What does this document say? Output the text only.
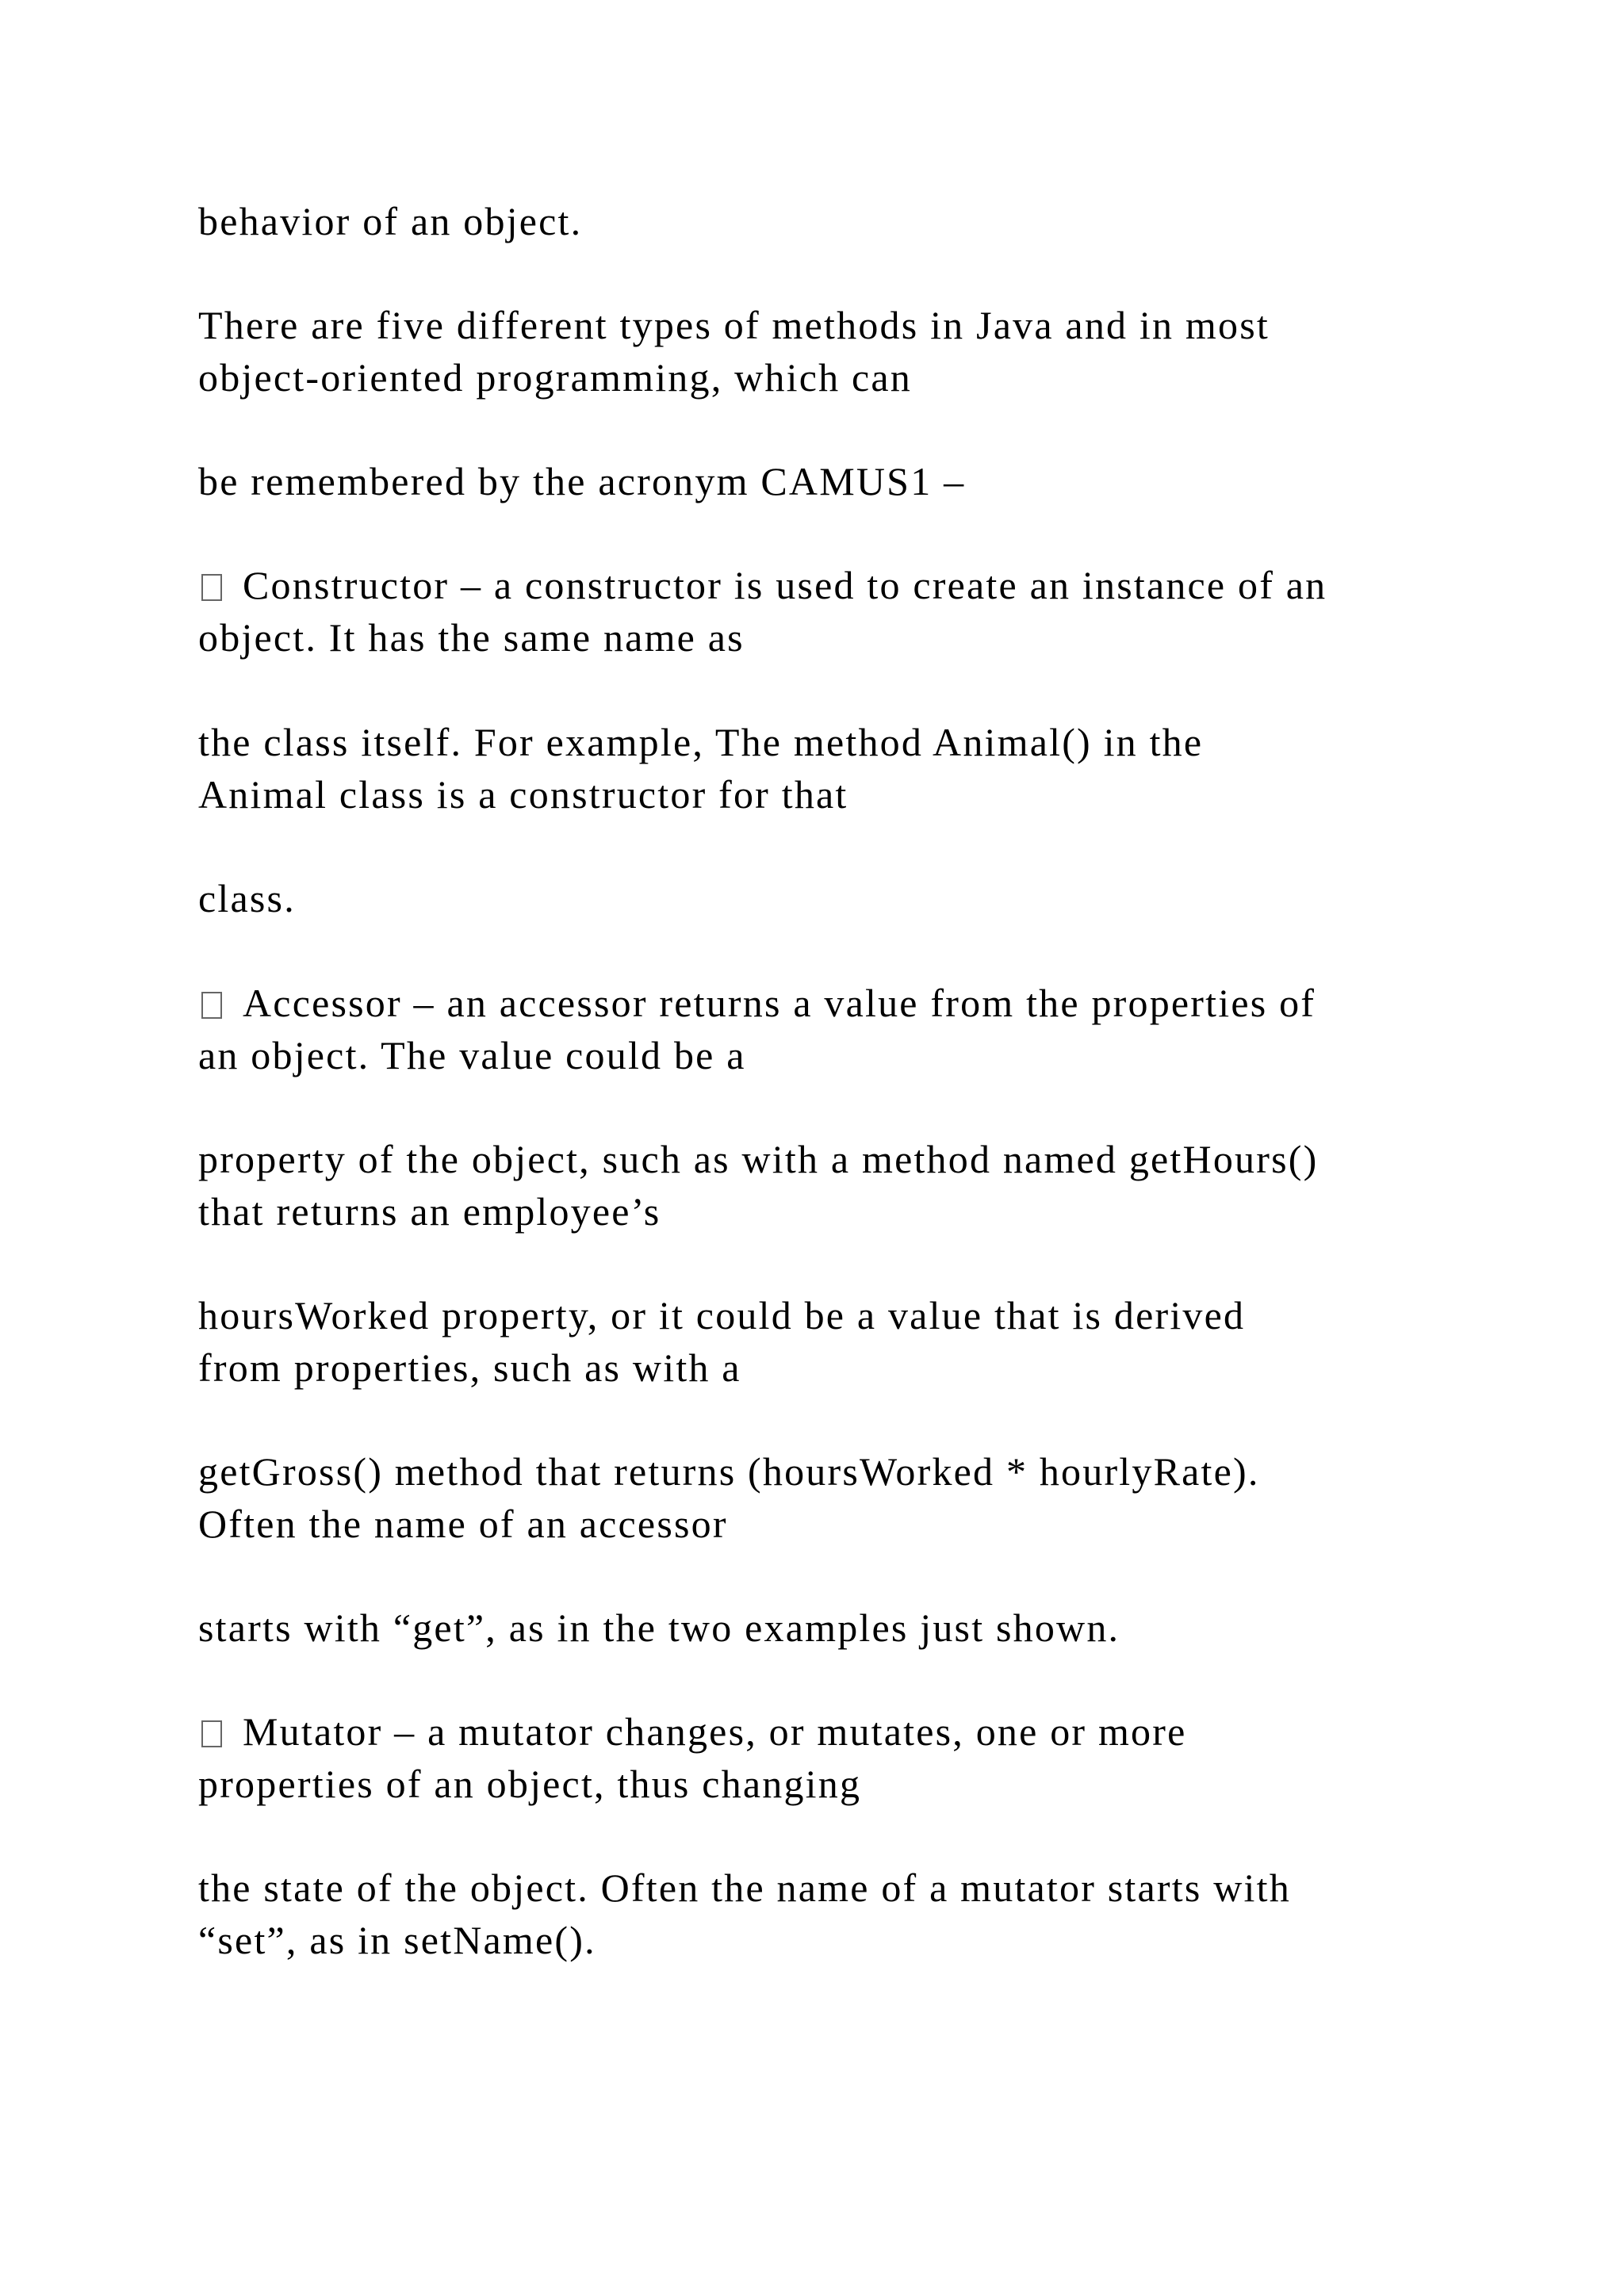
behavior of an object.

There are five different types of methods in Java and in most
object-oriented programming, which can

be remembered by the acronym CAMUS1 –

Constructor – a constructor is used to create an instance of an
object. It has the same name as

the class itself. For example, The method Animal() in the
Animal class is a constructor for that

class.

Accessor – an accessor returns a value from the properties of
an object. The value could be a

property of the object, such as with a method named getHours()
that returns an employee’s

hoursWorked property, or it could be a value that is derived
from properties, such as with a

getGross() method that returns (hoursWorked * hourlyRate).
Often the name of an accessor

starts with “get”, as in the two examples just shown.

Mutator – a mutator changes, or mutates, one or more
properties of an object, thus changing

the state of the object. Often the name of a mutator starts with
“set”, as in setName().
